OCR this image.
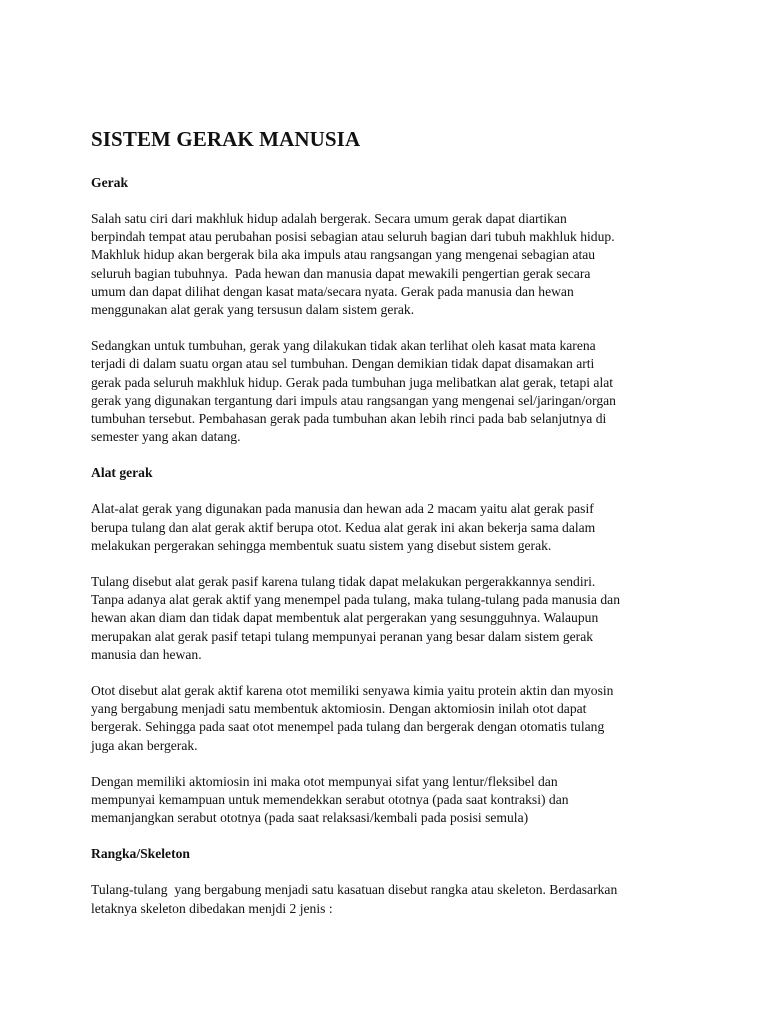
SISTEM GERAK MANUSIA
Gerak
Salah satu ciri dari makhluk hidup adalah bergerak. Secara umum gerak dapat diartikan
berpindah tempat atau perubahan posisi sebagian atau seluruh bagian dari tubuh makhluk hidup.
Makhluk hidup akan bergerak bila aka impuls atau rangsangan yang mengenai sebagian atau
seluruh bagian tubuhnya.  Pada hewan dan manusia dapat mewakili pengertian gerak secara
umum dan dapat dilihat dengan kasat mata/secara nyata. Gerak pada manusia dan hewan
menggunakan alat gerak yang tersusun dalam sistem gerak.
Sedangkan untuk tumbuhan, gerak yang dilakukan tidak akan terlihat oleh kasat mata karena
terjadi di dalam suatu organ atau sel tumbuhan. Dengan demikian tidak dapat disamakan arti
gerak pada seluruh makhluk hidup. Gerak pada tumbuhan juga melibatkan alat gerak, tetapi alat
gerak yang digunakan tergantung dari impuls atau rangsangan yang mengenai sel/jaringan/organ
tumbuhan tersebut. Pembahasan gerak pada tumbuhan akan lebih rinci pada bab selanjutnya di
semester yang akan datang.
Alat gerak
Alat-alat gerak yang digunakan pada manusia dan hewan ada 2 macam yaitu alat gerak pasif
berupa tulang dan alat gerak aktif berupa otot. Kedua alat gerak ini akan bekerja sama dalam
melakukan pergerakan sehingga membentuk suatu sistem yang disebut sistem gerak.
Tulang disebut alat gerak pasif karena tulang tidak dapat melakukan pergerakkannya sendiri.
Tanpa adanya alat gerak aktif yang menempel pada tulang, maka tulang-tulang pada manusia dan
hewan akan diam dan tidak dapat membentuk alat pergerakan yang sesungguhnya. Walaupun
merupakan alat gerak pasif tetapi tulang mempunyai peranan yang besar dalam sistem gerak
manusia dan hewan.
Otot disebut alat gerak aktif karena otot memiliki senyawa kimia yaitu protein aktin dan myosin
yang bergabung menjadi satu membentuk aktomiosin. Dengan aktomiosin inilah otot dapat
bergerak. Sehingga pada saat otot menempel pada tulang dan bergerak dengan otomatis tulang
juga akan bergerak.
Dengan memiliki aktomiosin ini maka otot mempunyai sifat yang lentur/fleksibel dan
mempunyai kemampuan untuk memendekkan serabut ototnya (pada saat kontraksi) dan
memanjangkan serabut ototnya (pada saat relaksasi/kembali pada posisi semula)
Rangka/Skeleton
Tulang-tulang  yang bergabung menjadi satu kasatuan disebut rangka atau skeleton. Berdasarkan
letaknya skeleton dibedakan menjdi 2 jenis :
